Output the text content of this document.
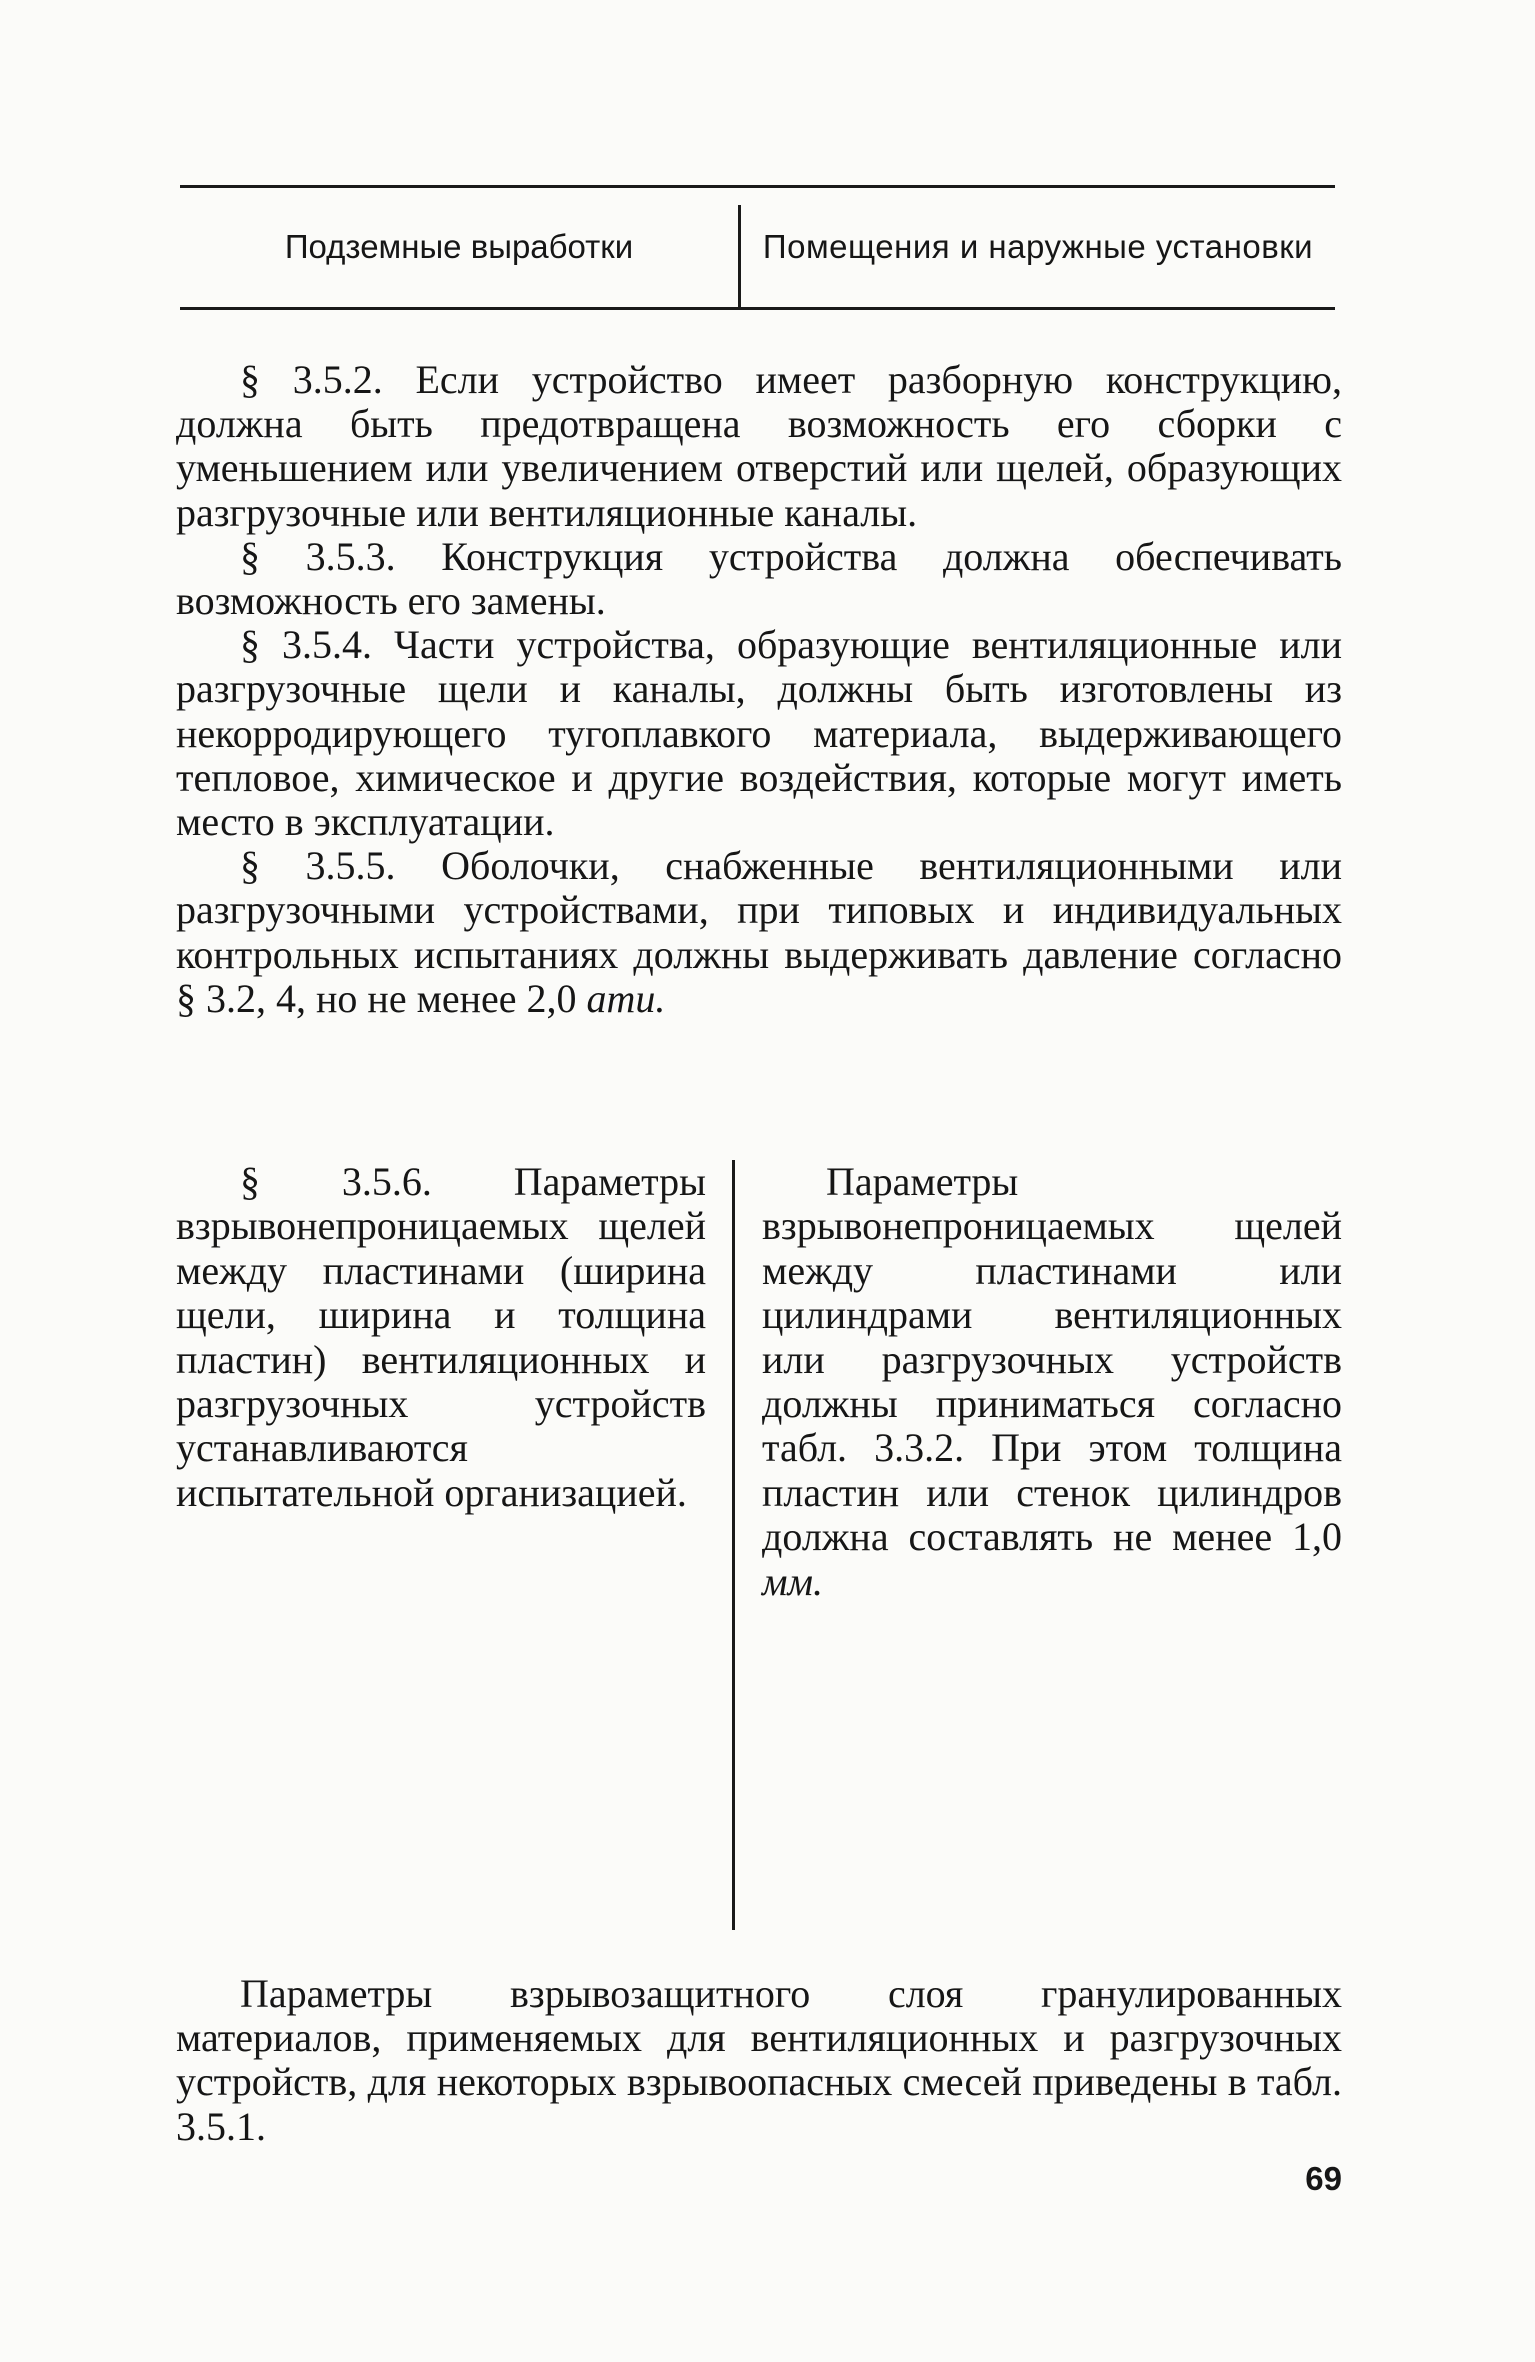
Подземные выработки	Помещения и наружные установки

§ 3.5.2. Если устройство имеет разборную конструкцию, должна быть предотвращена возможность его сборки с уменьшением или увеличением отверстий или щелей, образующих разгрузочные или вентиляционные каналы.

§ 3.5.3. Конструкция устройства должна обеспечивать возможность его замены.

§ 3.5.4. Части устройства, образующие вентиляционные или разгрузочные щели и каналы, должны быть изготовлены из некорродирующего тугоплавкого материала, выдерживающего тепловое, химическое и другие воздействия, которые могут иметь место в эксплуатации.

§ 3.5.5. Оболочки, снабженные вентиляционными или разгрузочными устройствами, при типовых и индивидуальных контрольных испытаниях должны выдерживать давление согласно § 3.2, 4, но не менее 2,0 ати.

§ 3.5.6. Параметры взрывонепроницаемых щелей между пластинами (ширина щели, ширина и толщина пластин) вентиляционных и разгрузочных устройств устанавливаются испытательной организацией.

Параметры взрывонепроницаемых щелей между пластинами или цилиндрами вентиляционных или разгрузочных устройств должны приниматься согласно табл. 3.3.2. При этом толщина пластин или стенок цилиндров должна составлять не менее 1,0 мм.

Параметры взрывозащитного слоя гранулированных материалов, применяемых для вентиляционных и разгрузочных устройств, для некоторых взрывоопасных смесей приведены в табл. 3.5.1.

69
